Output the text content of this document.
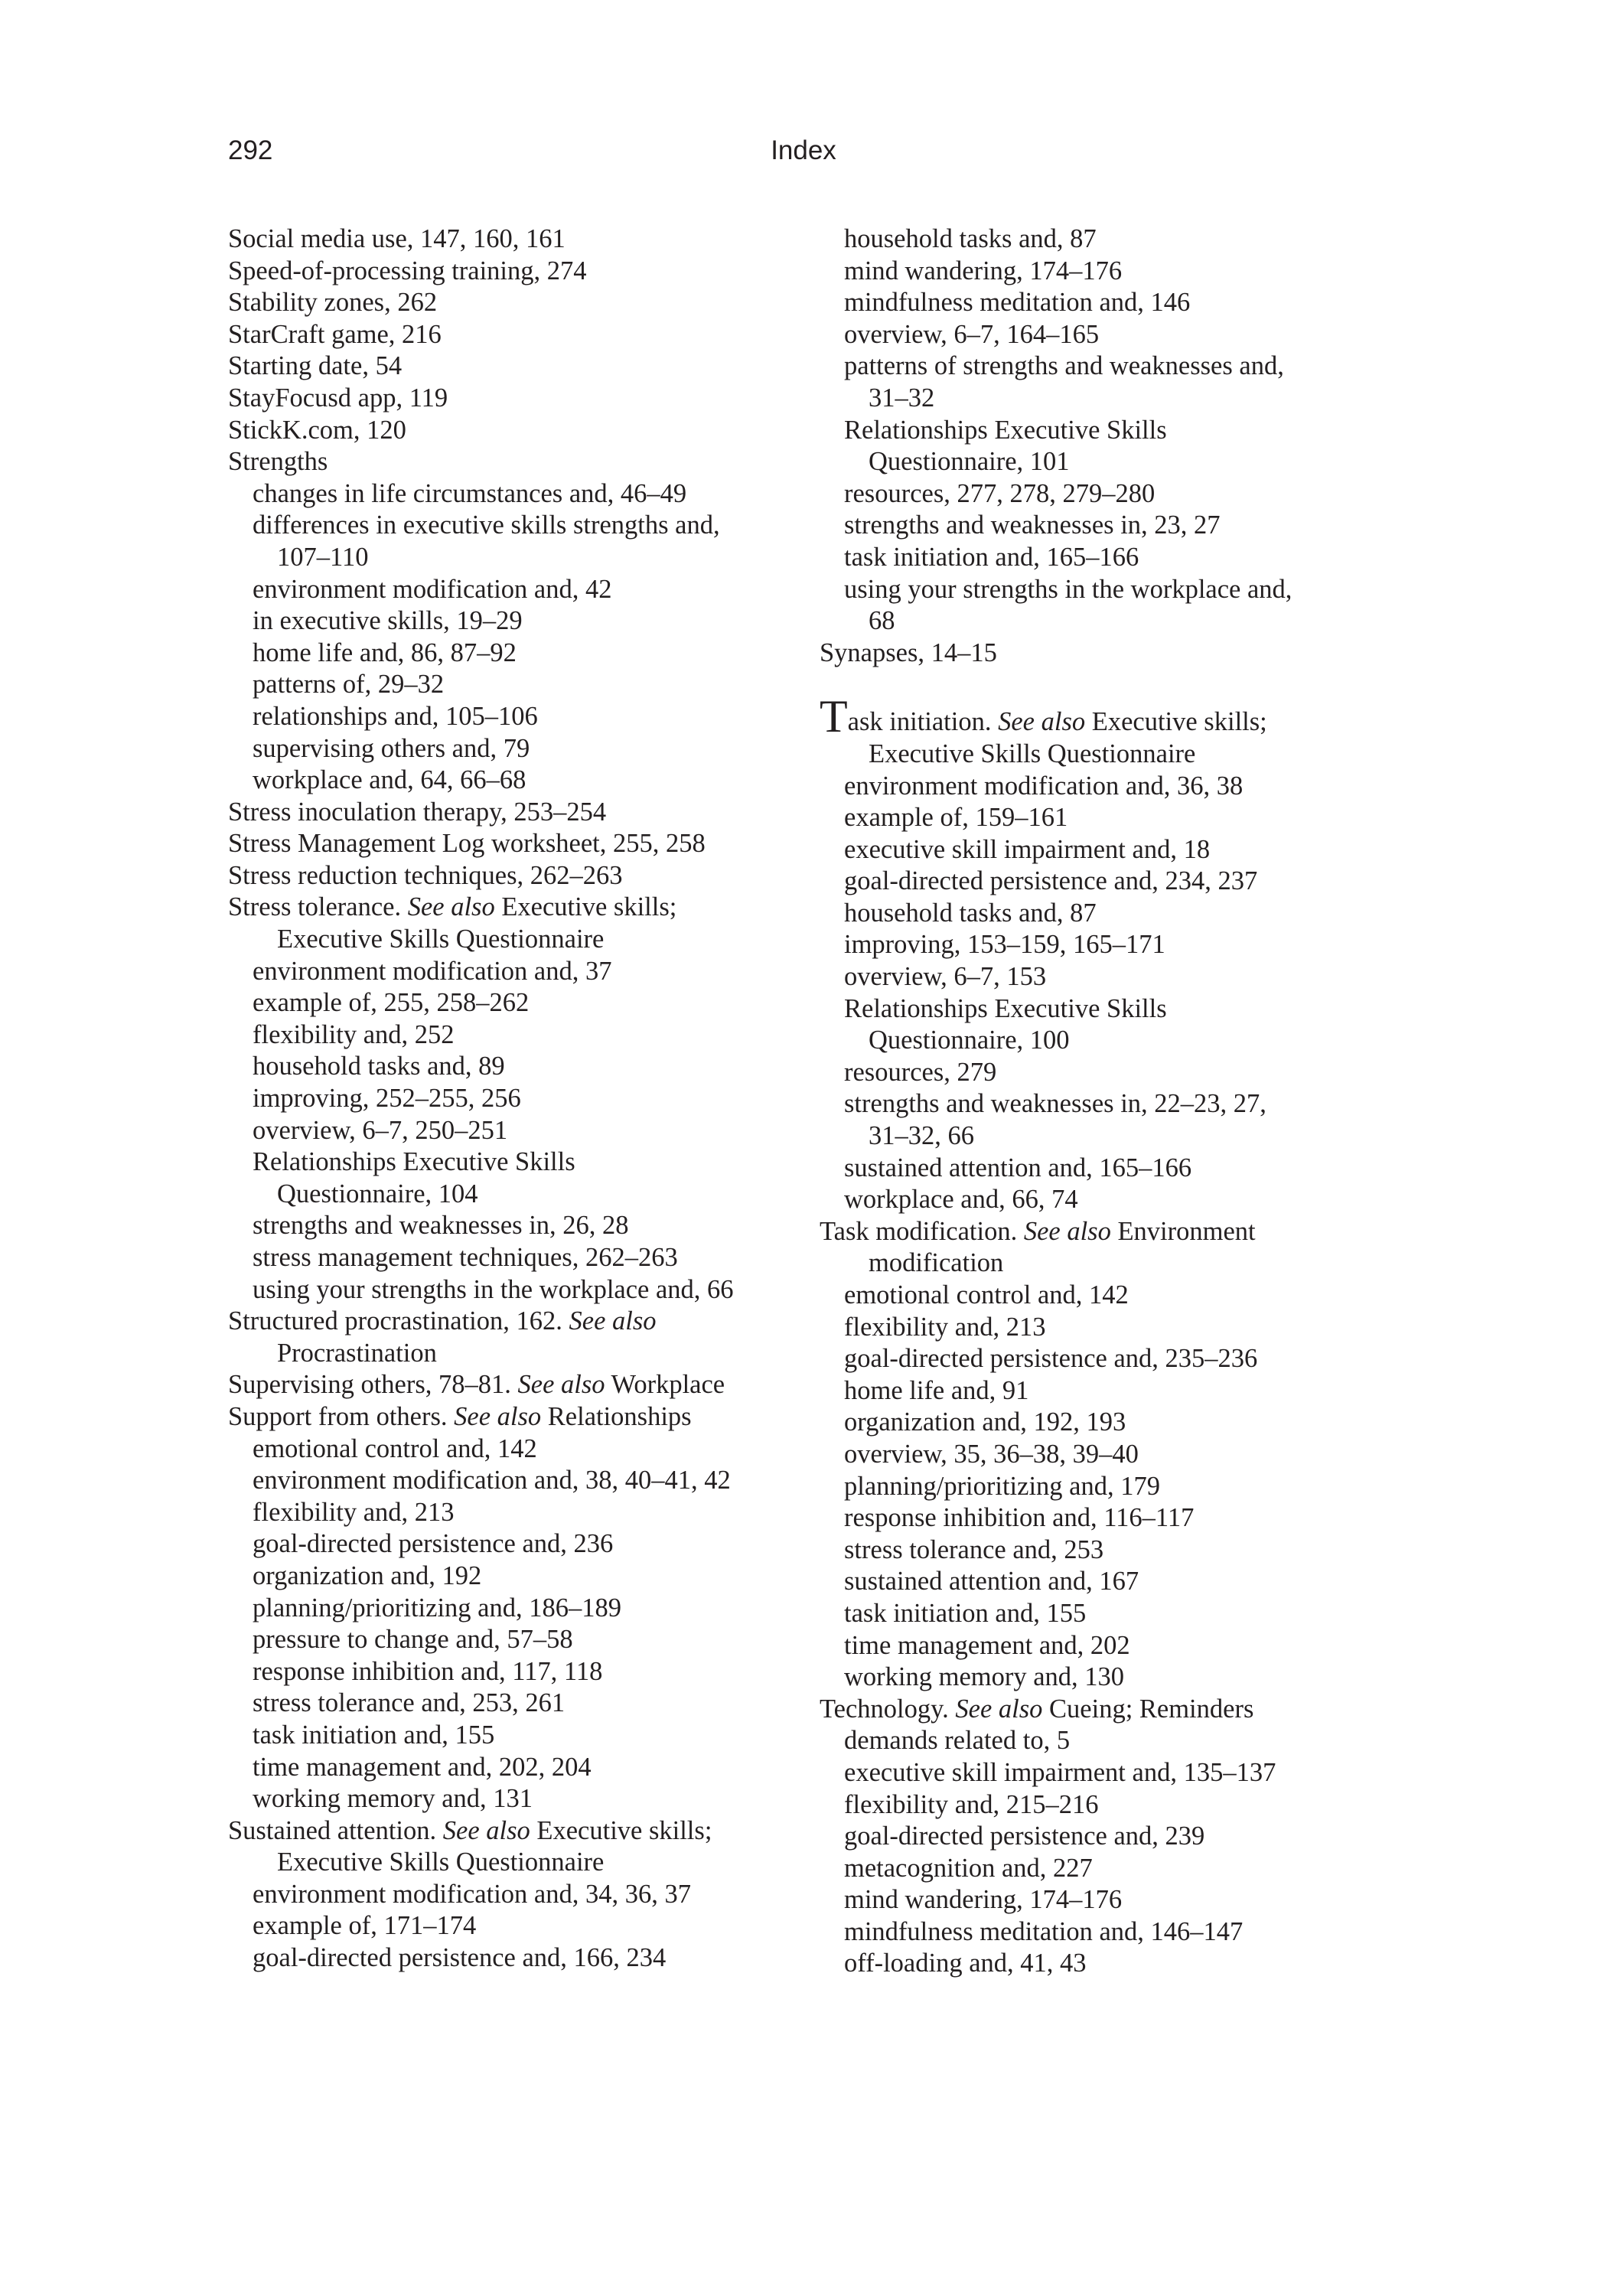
292	Index
Social media use, 147, 160, 161
Speed-of-processing training, 274
Stability zones, 262
StarCraft game, 216
Starting date, 54
StayFocusd app, 119
StickK.com, 120
Strengths
changes in life circumstances and, 46–49
differences in executive skills strengths and,
107–110
environment modification and, 42
in executive skills, 19–29
home life and, 86, 87–92
patterns of, 29–32
relationships and, 105–106
supervising others and, 79
workplace and, 64, 66–68
Stress inoculation therapy, 253–254
Stress Management Log worksheet, 255, 258
Stress reduction techniques, 262–263
Stress tolerance. See also Executive skills;
Executive Skills Questionnaire
environment modification and, 37
example of, 255, 258–262
flexibility and, 252
household tasks and, 89
improving, 252–255, 256
overview, 6–7, 250–251
Relationships Executive Skills
Questionnaire, 104
strengths and weaknesses in, 26, 28
stress management techniques, 262–263
using your strengths in the workplace and, 66
Structured procrastination, 162. See also
Procrastination
Supervising others, 78–81. See also Workplace
Support from others. See also Relationships
emotional control and, 142
environment modification and, 38, 40–41, 42
flexibility and, 213
goal-directed persistence and, 236
organization and, 192
planning/prioritizing and, 186–189
pressure to change and, 57–58
response inhibition and, 117, 118
stress tolerance and, 253, 261
task initiation and, 155
time management and, 202, 204
working memory and, 131
Sustained attention. See also Executive skills;
Executive Skills Questionnaire
environment modification and, 34, 36, 37
example of, 171–174
goal-directed persistence and, 166, 234
household tasks and, 87
mind wandering, 174–176
mindfulness meditation and, 146
overview, 6–7, 164–165
patterns of strengths and weaknesses and,
31–32
Relationships Executive Skills
Questionnaire, 101
resources, 277, 278, 279–280
strengths and weaknesses in, 23, 27
task initiation and, 165–166
using your strengths in the workplace and,
68
Synapses, 14–15
Task initiation. See also Executive skills;
Executive Skills Questionnaire
environment modification and, 36, 38
example of, 159–161
executive skill impairment and, 18
goal-directed persistence and, 234, 237
household tasks and, 87
improving, 153–159, 165–171
overview, 6–7, 153
Relationships Executive Skills
Questionnaire, 100
resources, 279
strengths and weaknesses in, 22–23, 27,
31–32, 66
sustained attention and, 165–166
workplace and, 66, 74
Task modification. See also Environment
modification
emotional control and, 142
flexibility and, 213
goal-directed persistence and, 235–236
home life and, 91
organization and, 192, 193
overview, 35, 36–38, 39–40
planning/prioritizing and, 179
response inhibition and, 116–117
stress tolerance and, 253
sustained attention and, 167
task initiation and, 155
time management and, 202
working memory and, 130
Technology. See also Cueing; Reminders
demands related to, 5
executive skill impairment and, 135–137
flexibility and, 215–216
goal-directed persistence and, 239
metacognition and, 227
mind wandering, 174–176
mindfulness meditation and, 146–147
off-loading and, 41, 43
